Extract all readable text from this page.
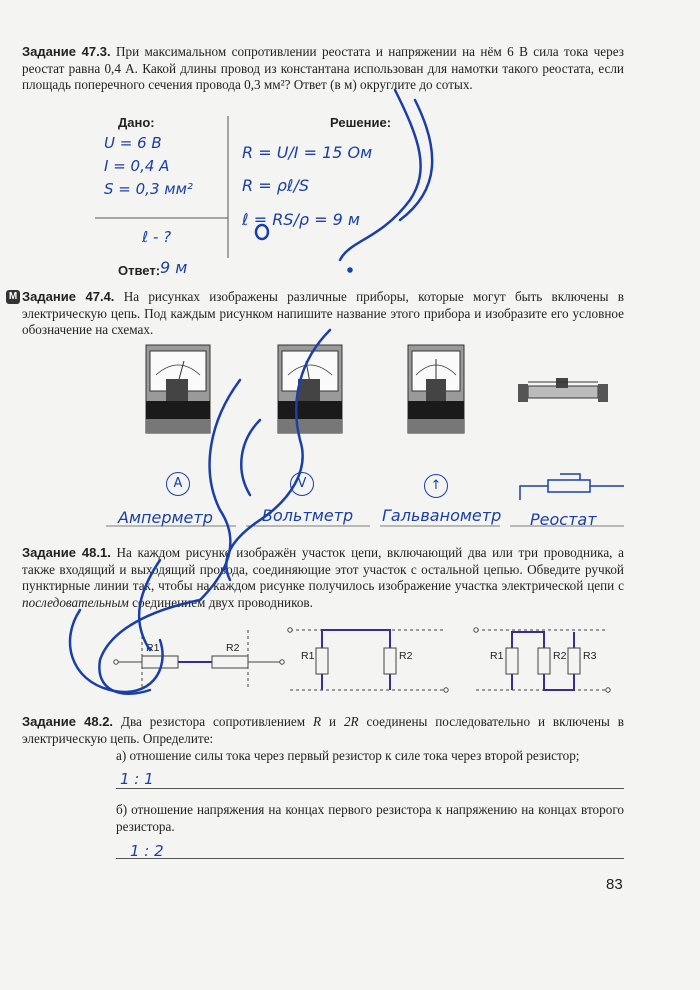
Задание 47.3. При максимальном сопротивлении реостата и напряжении на нём 6 В сила тока через реостат равна 0,4 А. Какой длины провод из константана использован для намотки такого реостата, если площадь поперечного сечения провода 0,3 мм²? Ответ (в м) округлите до сотых.
Дано:	Решение:
U = 6 В
I = 0,4 А
S = 0,3 мм²
ℓ - ?
R = U/I = 15 Ом
R = ρℓ/S
ℓ = RS/ρ = 9 м
Ответ: 9 м
М Задание 47.4. На рисунках изображены различные приборы, которые могут быть включены в электрическую цепь. Под каждым рисунком напишите название этого прибора и изобразите его условное обозначение на схемах.
A	V	↑
Амперметр	Вольтметр Гальванометр Реостат
Задание 48.1. На каждом рисунке изображён участок цепи, включающий два или три проводника, а также входящий и выходящий провода, соединяющие этот участок с остальной цепью. Обведите ручкой пунктирные линии так, чтобы на каждом рисунке получилось изображение участка электрической цепи с последовательным соединением двух проводников.
R1	R2
R1	R2	R1	R2 R3
Задание 48.2. Два резистора сопротивлением R и 2R соединены последовательно и включены в электрическую цепь. Определите:
а) отношение силы тока через первый резистор к силе тока через второй резистор;
1 : 1
б) отношение напряжения на концах первого резистора к напряжению на концах второго резистора.
1 : 2
83
